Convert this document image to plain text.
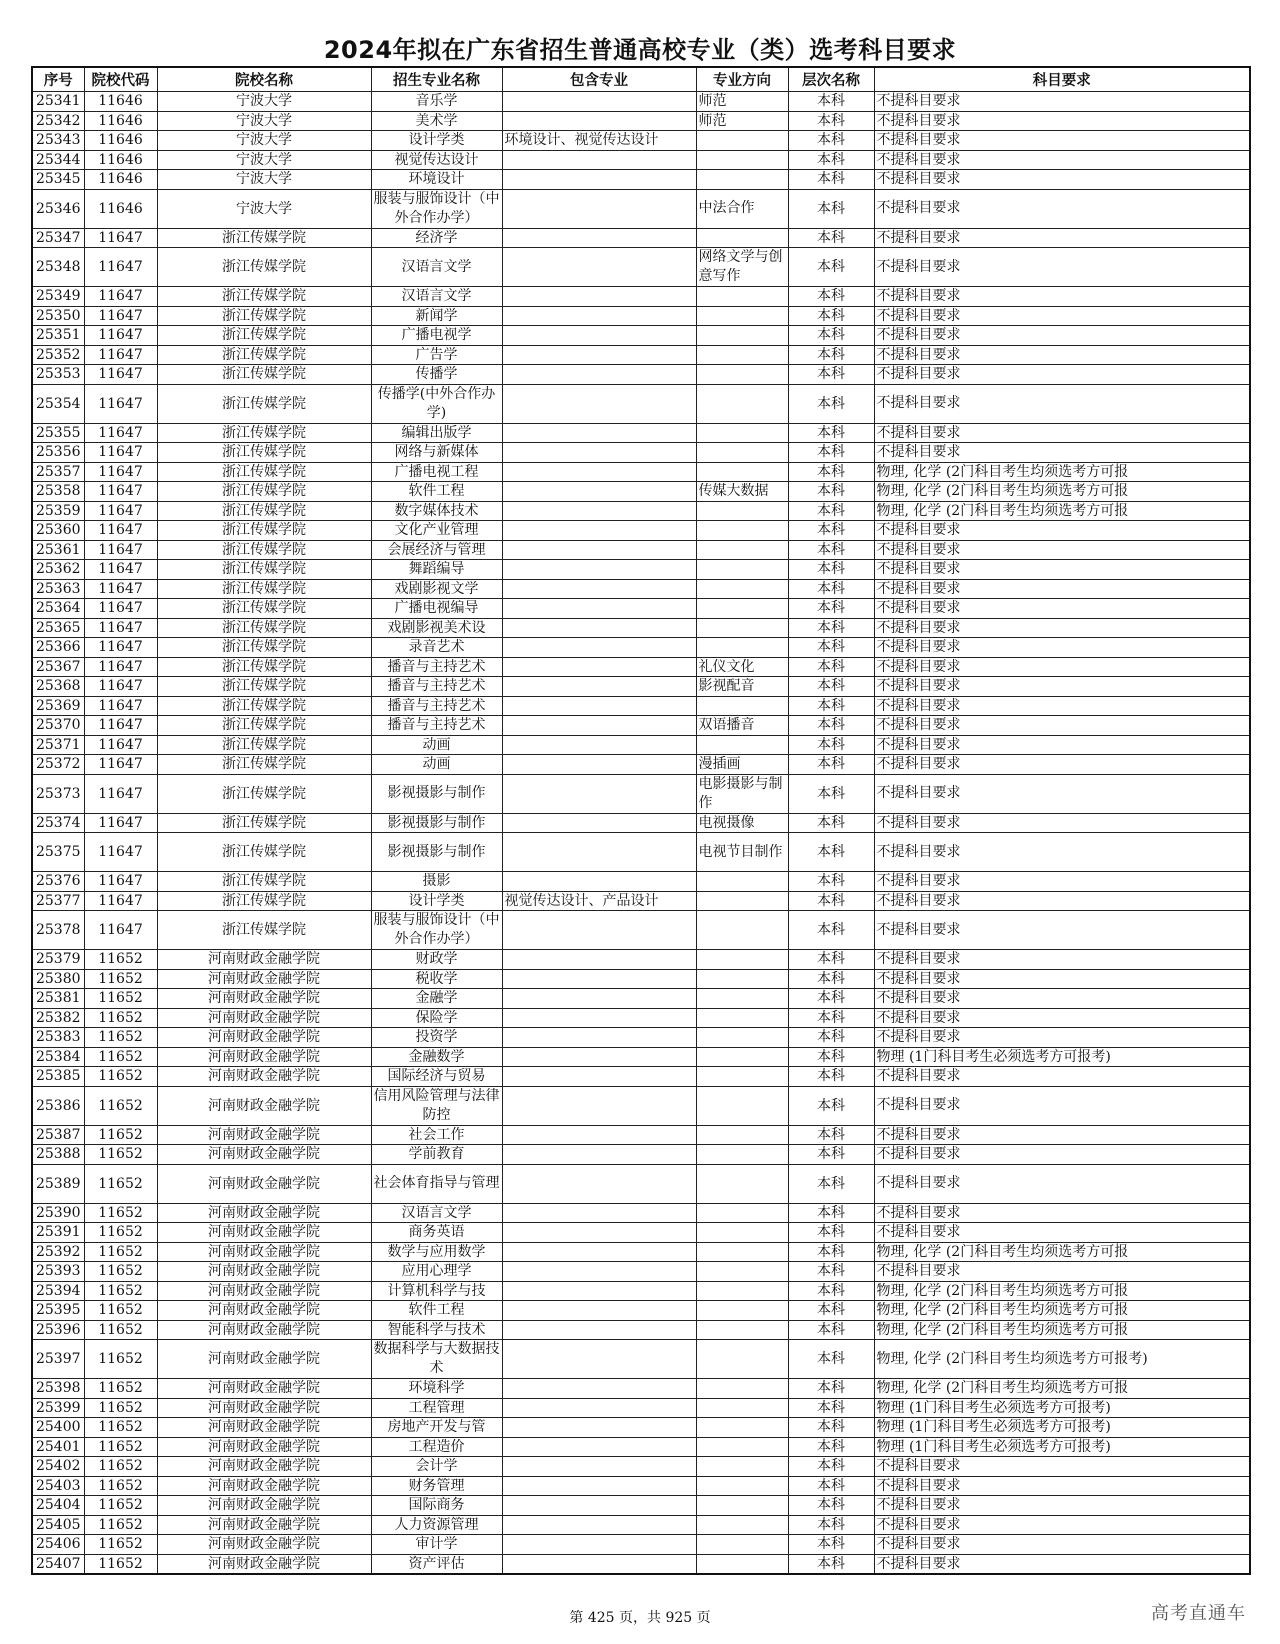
2024年拟在广东省招生普通高校专业（类）选考科目要求
序号	院校代码	院校名称	招生专业名称	包含专业	专业方向	层次名称	科目要求
25341	11646	宁波大学	音乐学		师范	本科	不提科目要求
25342	11646	宁波大学	美术学		师范	本科	不提科目要求
25343	11646	宁波大学	设计学类	环境设计、视觉传达设计		本科	不提科目要求
25344	11646	宁波大学	视觉传达设计			本科	不提科目要求
25345	11646	宁波大学	环境设计			本科	不提科目要求
25346	11646	宁波大学	服装与服饰设计（中外合作办学）		中法合作	本科	不提科目要求
25347	11647	浙江传媒学院	经济学			本科	不提科目要求
25348	11647	浙江传媒学院	汉语言文学		网络文学与创意写作	本科	不提科目要求
25349	11647	浙江传媒学院	汉语言文学			本科	不提科目要求
25350	11647	浙江传媒学院	新闻学			本科	不提科目要求
25351	11647	浙江传媒学院	广播电视学			本科	不提科目要求
25352	11647	浙江传媒学院	广告学			本科	不提科目要求
25353	11647	浙江传媒学院	传播学			本科	不提科目要求
25354	11647	浙江传媒学院	传播学(中外合作办学)			本科	不提科目要求
25355	11647	浙江传媒学院	编辑出版学			本科	不提科目要求
25356	11647	浙江传媒学院	网络与新媒体			本科	不提科目要求
25357	11647	浙江传媒学院	广播电视工程			本科	物理, 化学 (2门科目考生均须选考方可报
25358	11647	浙江传媒学院	软件工程		传媒大数据	本科	物理, 化学 (2门科目考生均须选考方可报
25359	11647	浙江传媒学院	数字媒体技术			本科	物理, 化学 (2门科目考生均须选考方可报
25360	11647	浙江传媒学院	文化产业管理			本科	不提科目要求
25361	11647	浙江传媒学院	会展经济与管理			本科	不提科目要求
25362	11647	浙江传媒学院	舞蹈编导			本科	不提科目要求
25363	11647	浙江传媒学院	戏剧影视文学			本科	不提科目要求
25364	11647	浙江传媒学院	广播电视编导			本科	不提科目要求
25365	11647	浙江传媒学院	戏剧影视美术设			本科	不提科目要求
25366	11647	浙江传媒学院	录音艺术			本科	不提科目要求
25367	11647	浙江传媒学院	播音与主持艺术		礼仪文化	本科	不提科目要求
25368	11647	浙江传媒学院	播音与主持艺术		影视配音	本科	不提科目要求
25369	11647	浙江传媒学院	播音与主持艺术			本科	不提科目要求
25370	11647	浙江传媒学院	播音与主持艺术		双语播音	本科	不提科目要求
25371	11647	浙江传媒学院	动画			本科	不提科目要求
25372	11647	浙江传媒学院	动画		漫插画	本科	不提科目要求
25373	11647	浙江传媒学院	影视摄影与制作		电影摄影与制作	本科	不提科目要求
25374	11647	浙江传媒学院	影视摄影与制作		电视摄像	本科	不提科目要求
25375	11647	浙江传媒学院	影视摄影与制作		电视节目制作	本科	不提科目要求
25376	11647	浙江传媒学院	摄影			本科	不提科目要求
25377	11647	浙江传媒学院	设计学类	视觉传达设计、产品设计		本科	不提科目要求
25378	11647	浙江传媒学院	服装与服饰设计（中外合作办学）			本科	不提科目要求
25379	11652	河南财政金融学院	财政学			本科	不提科目要求
25380	11652	河南财政金融学院	税收学			本科	不提科目要求
25381	11652	河南财政金融学院	金融学			本科	不提科目要求
25382	11652	河南财政金融学院	保险学			本科	不提科目要求
25383	11652	河南财政金融学院	投资学			本科	不提科目要求
25384	11652	河南财政金融学院	金融数学			本科	物理 (1门科目考生必须选考方可报考)
25385	11652	河南财政金融学院	国际经济与贸易			本科	不提科目要求
25386	11652	河南财政金融学院	信用风险管理与法律防控			本科	不提科目要求
25387	11652	河南财政金融学院	社会工作			本科	不提科目要求
25388	11652	河南财政金融学院	学前教育			本科	不提科目要求
25389	11652	河南财政金融学院	社会体育指导与管理			本科	不提科目要求
25390	11652	河南财政金融学院	汉语言文学			本科	不提科目要求
25391	11652	河南财政金融学院	商务英语			本科	不提科目要求
25392	11652	河南财政金融学院	数学与应用数学			本科	物理, 化学 (2门科目考生均须选考方可报
25393	11652	河南财政金融学院	应用心理学			本科	不提科目要求
25394	11652	河南财政金融学院	计算机科学与技			本科	物理, 化学 (2门科目考生均须选考方可报
25395	11652	河南财政金融学院	软件工程			本科	物理, 化学 (2门科目考生均须选考方可报
25396	11652	河南财政金融学院	智能科学与技术			本科	物理, 化学 (2门科目考生均须选考方可报
25397	11652	河南财政金融学院	数据科学与大数据技术			本科	物理, 化学 (2门科目考生均须选考方可报考)
25398	11652	河南财政金融学院	环境科学			本科	物理, 化学 (2门科目考生均须选考方可报
25399	11652	河南财政金融学院	工程管理			本科	物理 (1门科目考生必须选考方可报考)
25400	11652	河南财政金融学院	房地产开发与管			本科	物理 (1门科目考生必须选考方可报考)
25401	11652	河南财政金融学院	工程造价			本科	物理 (1门科目考生必须选考方可报考)
25402	11652	河南财政金融学院	会计学			本科	不提科目要求
25403	11652	河南财政金融学院	财务管理			本科	不提科目要求
25404	11652	河南财政金融学院	国际商务			本科	不提科目要求
25405	11652	河南财政金融学院	人力资源管理			本科	不提科目要求
25406	11652	河南财政金融学院	审计学			本科	不提科目要求
25407	11652	河南财政金融学院	资产评估			本科	不提科目要求
第 425 页，共 925 页	高考直通车
